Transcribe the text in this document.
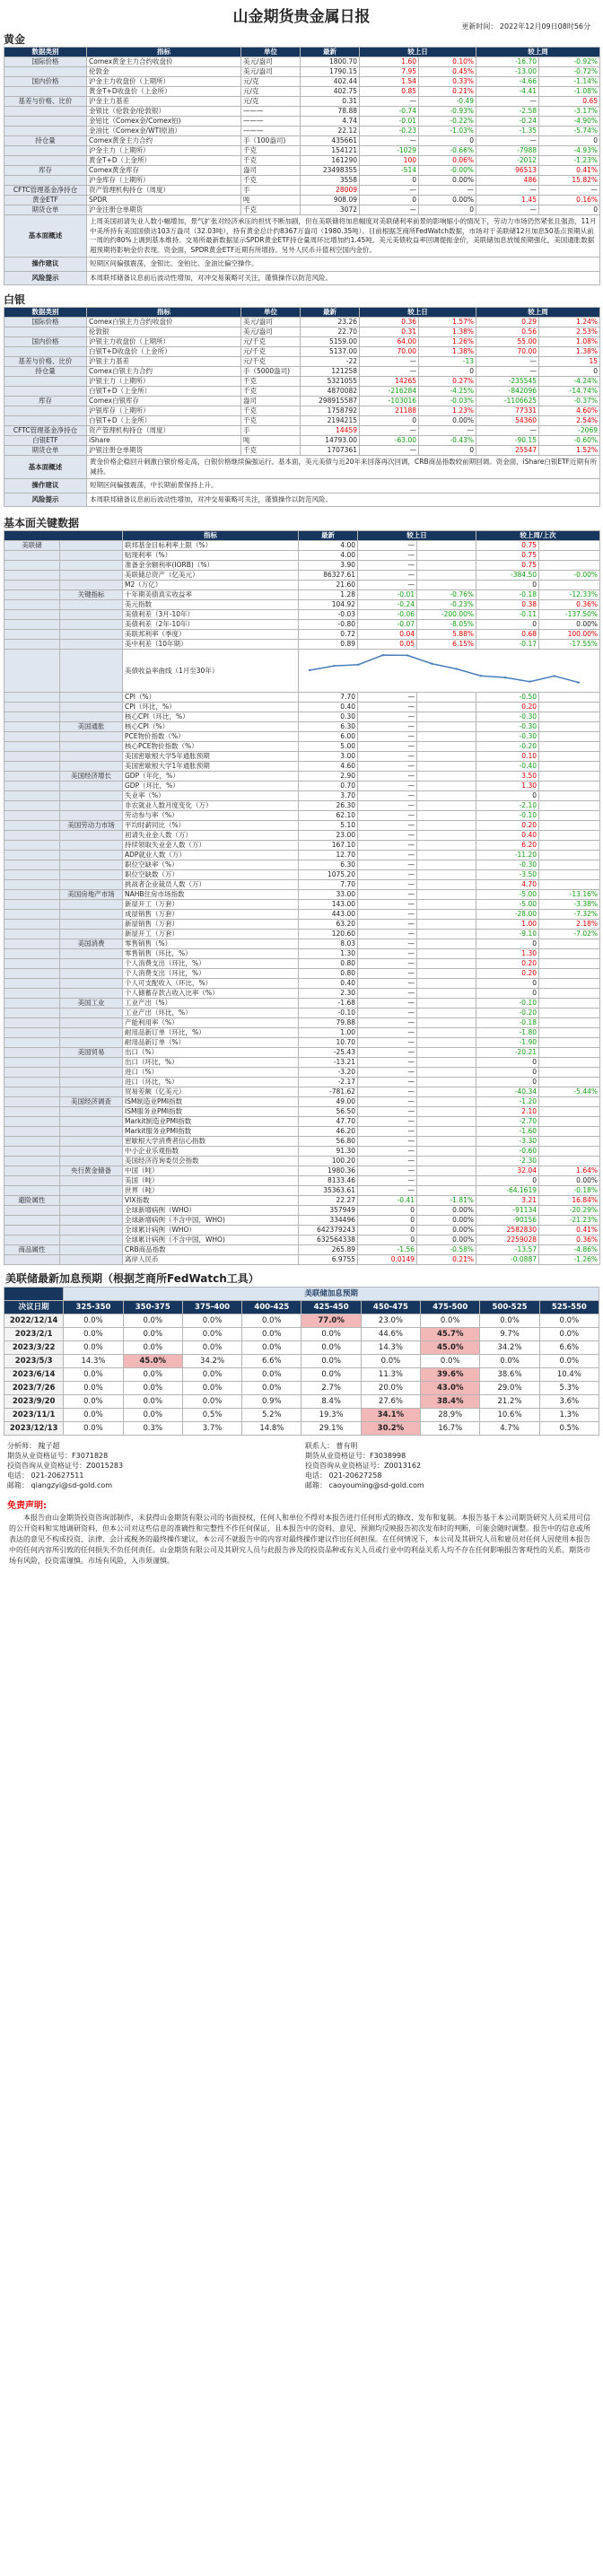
山金期货贵金属日报
更新时间： 2022年12月09日08时56分
黄金
数据类别	指标	单位	最新	较上日		较上周	
国际价格	Comex黄金主力合约收盘价	美元/盎司	1800.70	1.60	0.10%	-16.70	-0.92%
	伦敦金	美元/盎司	1790.15	7.95	0.45%	-13.00	-0.72%
国内价格	沪金主力收盘价（上期所）	元/克	402.44	1.54	0.33%	-4.66	-1.14%
	黄金T+D收盘价（上金所）	元/克	402.75	0.85	0.21%	-4.41	-1.08%
基差与价格、比价	沪金主力基差	元/克	0.31	—	-0.49	—	0.65
	金银比（伦敦金/伦敦银）	———	78.88	-0.74	-0.93%	-2.58	-3.17%
	金铂比（Comex金/Comex铂)	———	4.74	-0.01	-0.22%	-0.24	-4.90%
	金油比（Comex金/WTI原油）	———	22.12	-0.23	-1.03%	-1.35	-5.74%
持仓量	Comex黄金主力合约	手（100盎司)	435661	—	0	—	0
	沪金主力（上期所）	千克	154121	-1029	-0.66%	-7988	-4.93%
	黄金T+D（上金所）	千克	161290	100	0.06%	-2012	-1.23%
库存	Comex黄金库存	盎司	23498355	-514	-0.00%	96513	0.41%
	沪金库存（上期所）	千克	3558	0	0.00%	486	15.82%
CFTC管理基金净持仓	资产管理机构持仓（周度）	手	28009	—	—	—	—
黄金ETF	SPDR	吨	908.09	0	0.00%	1.45	0.16%
期货仓单	沪金注册仓单期货	千克	3072	—	0	—	0
基本面概述	上周美国初请失业人数小幅增加，景气扩张对经济承压的担忧不断加剧，但在美联储将加息幅度对美联储利率前景的影响缩小的情况下，劳动力市场仍然紧张且强劲，11月中美所持有美国国债达103万盎司（32.03吨），持有黄金总计约8367万盎司（1980.35吨）。目前根据芝商所FedWatch数据，市场对于美联储12月加息50基点预期从前一周的约80%上调到基本维持。交易所最新数据显示SPDR黄金ETF持仓量周环比增加约1.45吨。美元美债收益率回调提振金价，美联储加息放缓预期强化，美国通胀数据超预期将影响金价表现。资金面，SPDR黄金ETF近期有所增持。另外人民币升值利空国内金价。						
操作建议	短期区间偏强震荡，金银比、金铂比、金油比偏空操作。						
风险提示	本周联邦储备议息前后波动性增加，对冲交易策略可关注，谨慎操作以防范风险。						
白银
数据类别	指标	单位	最新	较上日		较上周	
国际价格	Comex白银主力合约收盘价	美元/盎司	23.26	0.36	1.57%	0.29	1.24%
	伦敦银	美元/盎司	22.70	0.31	1.38%	0.56	2.53%
国内价格	沪银主力收盘价（上期所）	元/千克	5159.00	64.00	1.26%	55.00	1.08%
	白银T+D收盘价（上金所）	元/千克	5137.00	70.00	1.38%	70.00	1.38%
基差与价格、比价	沪银主力基差	元/千克	-22	—	-13	—	15
持仓量	Comex白银主力合约	手（5000盎司)	121258	—	0	—	0
	沪银主力（上期所）	千克	5321055	14265	0.27%	-235545	-4.24%
	白银T+D（上金所）	千克	4870082	-216284	-4.25%	-842096	-14.74%
库存	Comex白银库存	盎司	298915587	-103016	-0.03%	-1106625	-0.37%
	沪银库存（上期所）	千克	1758792	21188	1.23%	77331	4.60%
	白银T+D（上金所）	千克	2194215	0	0.00%	54360	2.54%
CFTC管理基金净持仓	资产管理机构持仓（周度）	手	14459	—	—	—	-2069
白银ETF	iShare	吨	14793.00	-63.00	-0.43%	-90.15	-0.60%
期货仓单	沪银注册仓单期货	千克	1707361	—	0	25547	1.52%
基本面概述	黄金价格企稳回升刺激白银价格走高，白银价格继续偏强运行。基本面，美元美债与近20年来回落再次回调，CRB商品指数较前期回调。资金面，iShare白银ETF近期有所减持。						
操作建议	短期区间偏强震荡，中长期前景保持上升。						
风险提示	本周联邦储备议息前后波动性增加，对冲交易策略可关注，谨慎操作以防范风险。						
基本面关键数据
		指标	最新	较上日		较上周/上次	
美联储		联邦基金目标利率上限（%）	4.00	—		0.75	
		贴现利率（%）	4.00	—		0.75	
		准备金余额利率(IORB)（%）	3.90	—		0.75	
		美联储总资产（亿美元）	86327.61	—		-384.50	-0.00%
		M2（万亿）	21.60	—		0	
	关键指标	十年期美债真实收益率	1.28	-0.01	-0.76%	-0.18	-12.33%
		美元指数	104.92	-0.24	-0.23%	0.38	0.36%
		美债利差（3月-10年）	-0.03	-0.06	-200.00%	-0.11	-137.50%
		美债利差（2年-10年）	-0.80	-0.07	-8.05%	0	0.00%
		美联邦利率（季度）	0.72	0.04	5.88%	0.68	100.00%
		美中利差（10年期）	0.89	0.05	6.15%	-0.17	-17.55%
		美债收益率曲线（1月至30年）	
		CPI（%）	7.70	—		-0.50	
		CPI（环比，%）	0.40	—		0.20	
		核心CPI（环比，%）	0.30	—		-0.30	
	美国通胀	核心CPI（%）	6.30	—		-0.30	
		PCE物价指数（%）	6.00	—		-0.30	
		核心PCE物价指数（%）	5.00	—		-0.20	
		美国密歇根大学5年通胀预期	3.00	—		0.10	
		美国密歇根大学1年通胀预期	4.60	—		-0.40	
	美国经济增长	GDP（年化，%）	2.90	—		3.50	
		GDP（环比，%）	0.70	—		1.30	
		失业率（%）	3.70	—		0	
		非农就业人数月度变化（万）	26.30	—		-2.10	
		劳动参与率（%）	62.10	—		-0.10	
	美国劳动力市场	平均时薪同比（%）	5.10	—		0.20	
		初请失业金人数（万）	23.00	—		0.40	
		持续领取失业金人数（万）	167.10	—		6.20	
		ADP就业人数（万）	12.70	—		-11.20	
		职位空缺率（%）	6.30	—		-0.30	
		职位空缺数（万）	1075.20	—		-3.50	
		挑战者企业裁员人数（万）	7.70	—		4.70	
	美国房地产市场	NAHB住房市场指数	33.00	—		-5.00	-13.16%
		新屋开工（万套）	143.00	—		-5.00	-3.38%
		成屋销售（万套）	443.00	—		-28.00	-7.32%
		新屋销售（万套）	63.20	—		1.00	2.18%
		新屋开工（万套）	120.60	—		-9.10	-7.02%
	美国消费	零售销售（%）	8.03	—		0	
		零售销售（环比，%）	1.30	—		1.30	
		个人消费支出（环比，%）	0.80	—		0.20	
		个人消费支出（环比，%）	0.80	—		0.20	
		个人可支配收入（环比，%）	0.40	—		0	
		个人储蓄存款占收入比率（%）	2.30	—		0	
	美国工业	工业产出（%）	-1.68	—		-0.10	
		工业产出（环比，%）	-0.10	—		-0.20	
		产能利用率（%）	79.88	—		-0.18	
		耐用品新订单（环比，%）	1.00	—		-1.80	
		耐用品新订单（%）	10.70	—		-1.90	
	美国贸易	出口（%）	-25.43	—		-20.21	
		出口（环比，%）	-13.21	—		0	
		进口（%）	-3.20	—		0	
		进口（环比，%）	-2.17	—		0	
		贸易差额（亿美元）	-781.62	—		-40.34	-5.44%
	美国经济调查	ISM制造业PMI指数	49.00	—		-1.20	
		ISM服务业PMI指数	56.50	—		2.10	
		Markit制造业PMI指数	47.70	—		-2.70	
		Markit服务业PMI指数	46.20	—		-1.60	
		密歇根大学消费者信心指数	56.80	—		-3.30	
		中小企业乐观指数	91.30	—		-0.60	
		美国经济咨询委员会指数	100.20	—		-2.30	
	央行黄金储备	中国（吨）	1980.36	—		32.04	1.64%
		美国（吨）	8133.46	—		0	0.00%
		世界（吨）	35363.61	—		-64.1619	-0.18%
避险属性		VIX指数	22.27	-0.41	-1.81%	3.21	16.84%
		全球新增病例（WHO）	357949	0	0.00%	-91134	-20.29%
		全球新增病例（不含中国，WHO)	334496	0	0.00%	-90156	-21.23%
		全球累计病例（WHO）	642379243	0	0.00%	2582830	0.41%
		全球累计病例（不含中国，WHO)	632564338	0	0.00%	2259028	0.36%
商品属性		CRB商品指数	265.89	-1.56	-0.58%	-13.57	-4.86%
		离岸人民币	6.9755	0.0149	0.21%	-0.0887	-1.26%
美联储最新加息预期（根据芝商所FedWatch工具）
	美联储加息预期								
决议日期	325-350	350-375	375-400	400-425	425-450	450-475	475-500	500-525	525-550
2022/12/14	0.0%	0.0%	0.0%	0.0%	77.0%	23.0%	0.0%	0.0%	0.0%
2023/2/1	0.0%	0.0%	0.0%	0.0%	0.0%	44.6%	45.7%	9.7%	0.0%
2023/3/22	0.0%	0.0%	0.0%	0.0%	0.0%	14.3%	45.0%	34.2%	6.6%
2023/5/3	14.3%	45.0%	34.2%	6.6%	0.0%	0.0%	0.0%	0.0%	0.0%
2023/6/14	0.0%	0.0%	0.0%	0.0%	0.0%	11.3%	39.6%	38.6%	10.4%
2023/7/26	0.0%	0.0%	0.0%	0.0%	2.7%	20.0%	43.0%	29.0%	5.3%
2023/9/20	0.0%	0.0%	0.0%	0.9%	8.4%	27.6%	38.4%	21.2%	3.6%
2023/11/1	0.0%	0.0%	0.5%	5.2%	19.3%	34.1%	28.9%	10.6%	1.3%
2023/12/13	0.0%	0.3%	3.7%	14.8%	29.1%	30.2%	16.7%	4.7%	0.5%
分析师： 隗子超
期货从业资格证号：F3071828
投资咨询从业资格证号：Z0015283
电话： 021-20627511
邮箱： qiangzyi@sd-gold.com
联系人： 曹有明
期货从业资格证号：F3038998
投资咨询从业资格证号：Z0013162
电话： 021-20627258
邮箱： caoyouming@sd-gold.com
免责声明:
本报告由山金期货投资咨询部制作，未获得山金期货有限公司的书面授权，任何人和单位不得对本报告进行任何形式的修改、发布和复制。本报告基于本公司期货研究人员采用可信的公开资料和实地调研资料，但本公司对这些信息的准确性和完整性不作任何保证，且本报告中的资料、意见、预测均反映报告初次发布时的判断，可能会随时调整。报告中的信息或所表达的意见不构成投资、法律、会计或税务的最终操作建议，本公司不就报告中的内容对最终操作建议作出任何担保。在任何情况下，本公司及其研究人员和雇员对任何人因使用本报告中的任何内容所引致的任何损失不负任何责任。山金期货有限公司及其研究人员与此报告涉及的投资品种或有关人员或行业中的利益关系人均不存在任何影响报告客观性的关系。期货市场有风险，投资需谨慎。市场有风险，入市须谨慎。
